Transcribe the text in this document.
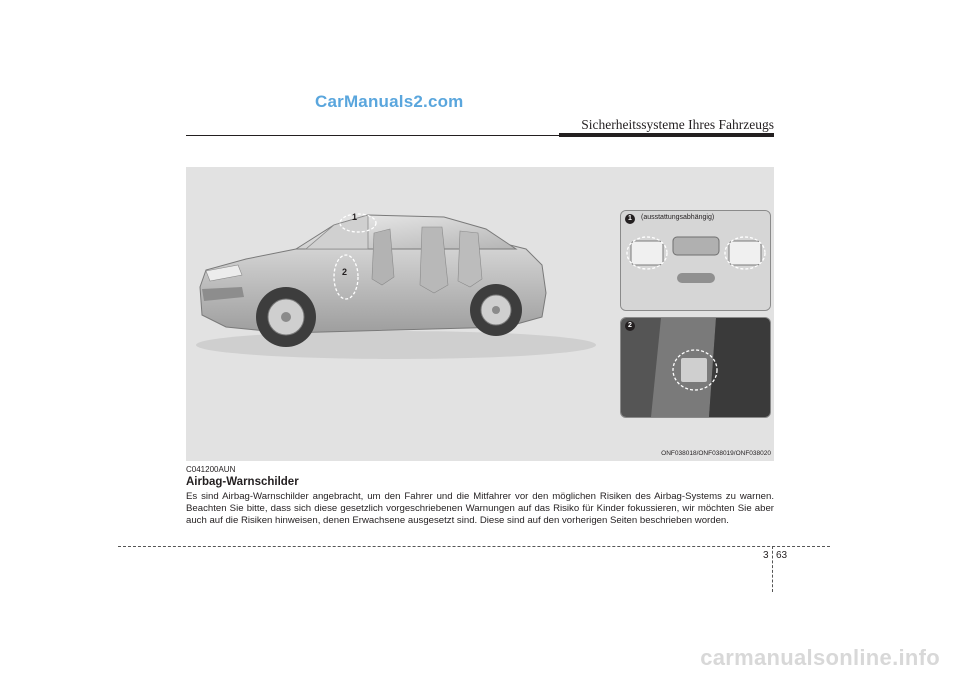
CarManuals2.com
Sicherheitssysteme Ihres Fahrzeugs
1
2
1	(ausstattungsabhängig)
2
ONF038018/ONF038019/ONF038020
C041200AUN
Airbag-Warnschilder
Es sind Airbag-Warnschilder angebracht, um den Fahrer und die Mitfahrer vor den möglichen Risiken des Airbag-Systems zu warnen. Beachten Sie bitte, dass sich diese gesetzlich vorgeschriebenen Warnungen auf das Risiko für Kinder fokussieren, wir möchten Sie aber auch auf die Risiken hinweisen, denen Erwachsene ausgesetzt sind. Diese sind auf den vorherigen Seiten beschrieben worden.
3 63
carmanualsonline.info
